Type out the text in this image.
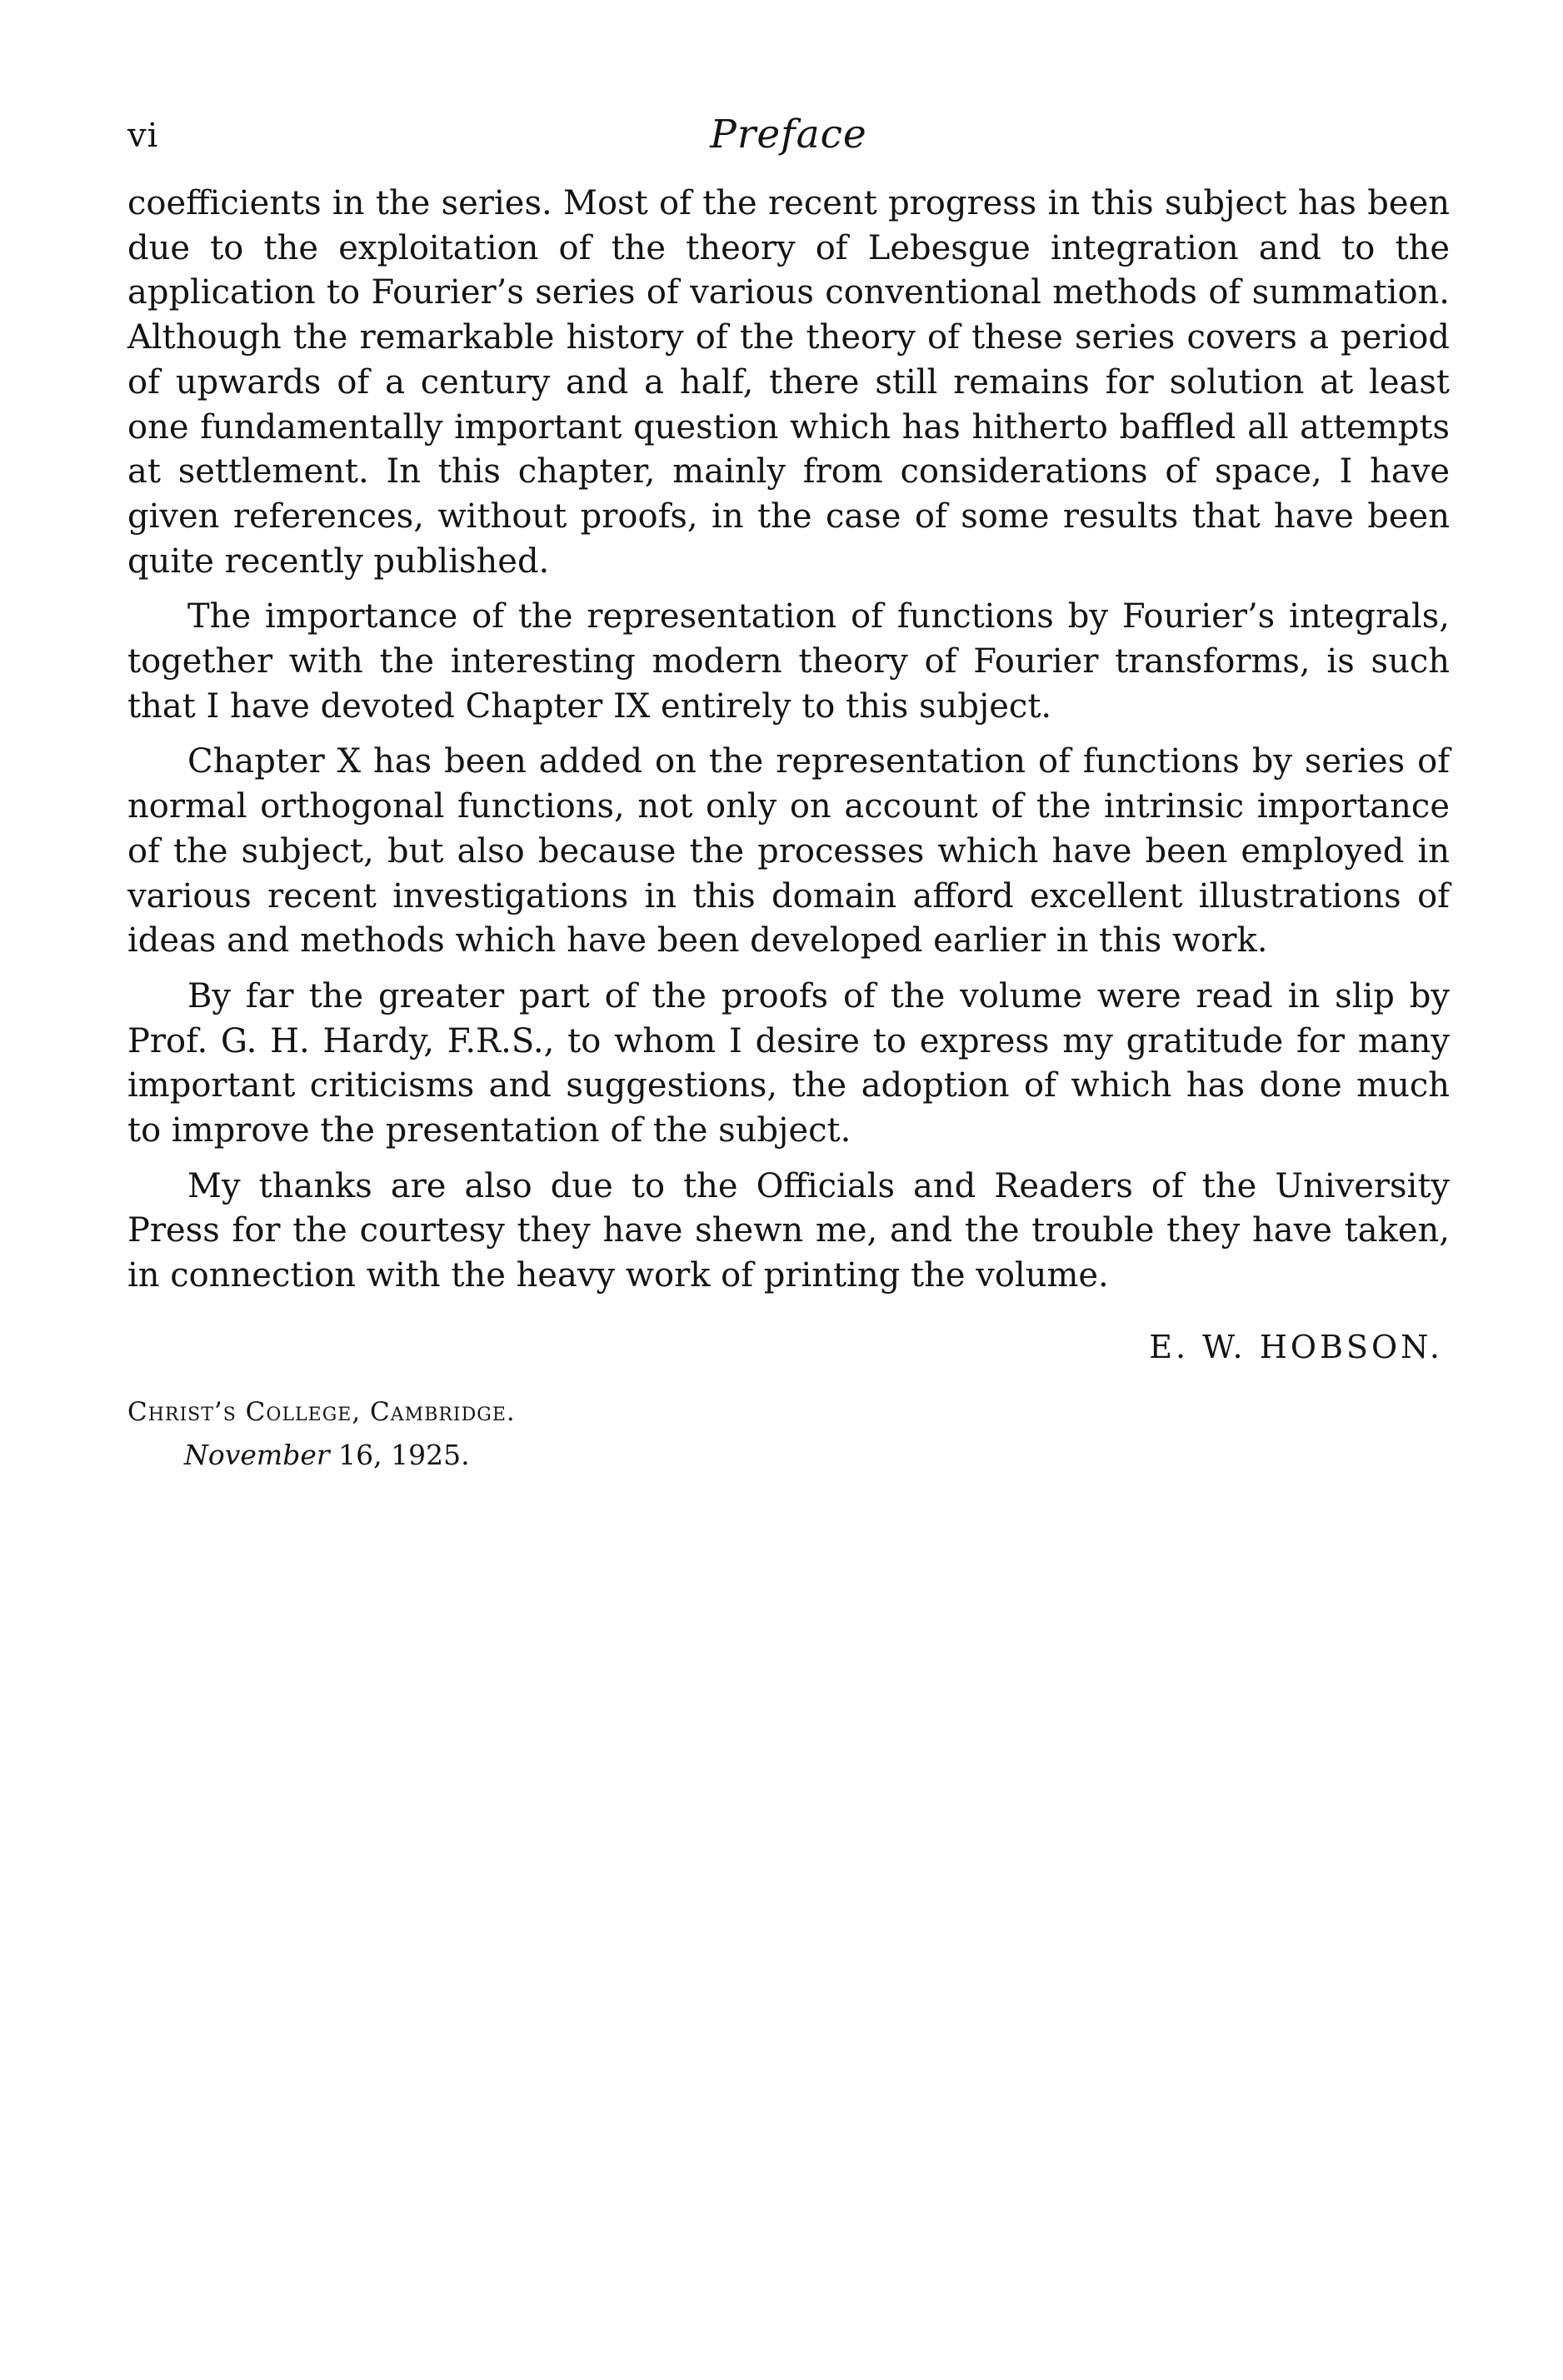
vi	Preface

coefficients in the series. Most of the recent progress in this subject has been due to the exploitation of the theory of Lebesgue integration and to the application to Fourier’s series of various conventional methods of summation. Although the remarkable history of the theory of these series covers a period of upwards of a century and a half, there still remains for solution at least one fundamentally important question which has hitherto baffled all attempts at settlement. In this chapter, mainly from considerations of space, I have given references, without proofs, in the case of some results that have been quite recently published.

The importance of the representation of functions by Fourier’s integrals, together with the interesting modern theory of Fourier transforms, is such that I have devoted Chapter IX entirely to this subject.

Chapter X has been added on the representation of functions by series of normal orthogonal functions, not only on account of the intrinsic importance of the subject, but also because the processes which have been employed in various recent investigations in this domain afford excellent illustrations of ideas and methods which have been developed earlier in this work.

By far the greater part of the proofs of the volume were read in slip by Prof. G. H. Hardy, F.R.S., to whom I desire to express my gratitude for many important criticisms and suggestions, the adoption of which has done much to improve the presentation of the subject.

My thanks are also due to the Officials and Readers of the University Press for the courtesy they have shewn me, and the trouble they have taken, in connection with the heavy work of printing the volume.

E. W. HOBSON.
Christ’s College, Cambridge.
November 16, 1925.
